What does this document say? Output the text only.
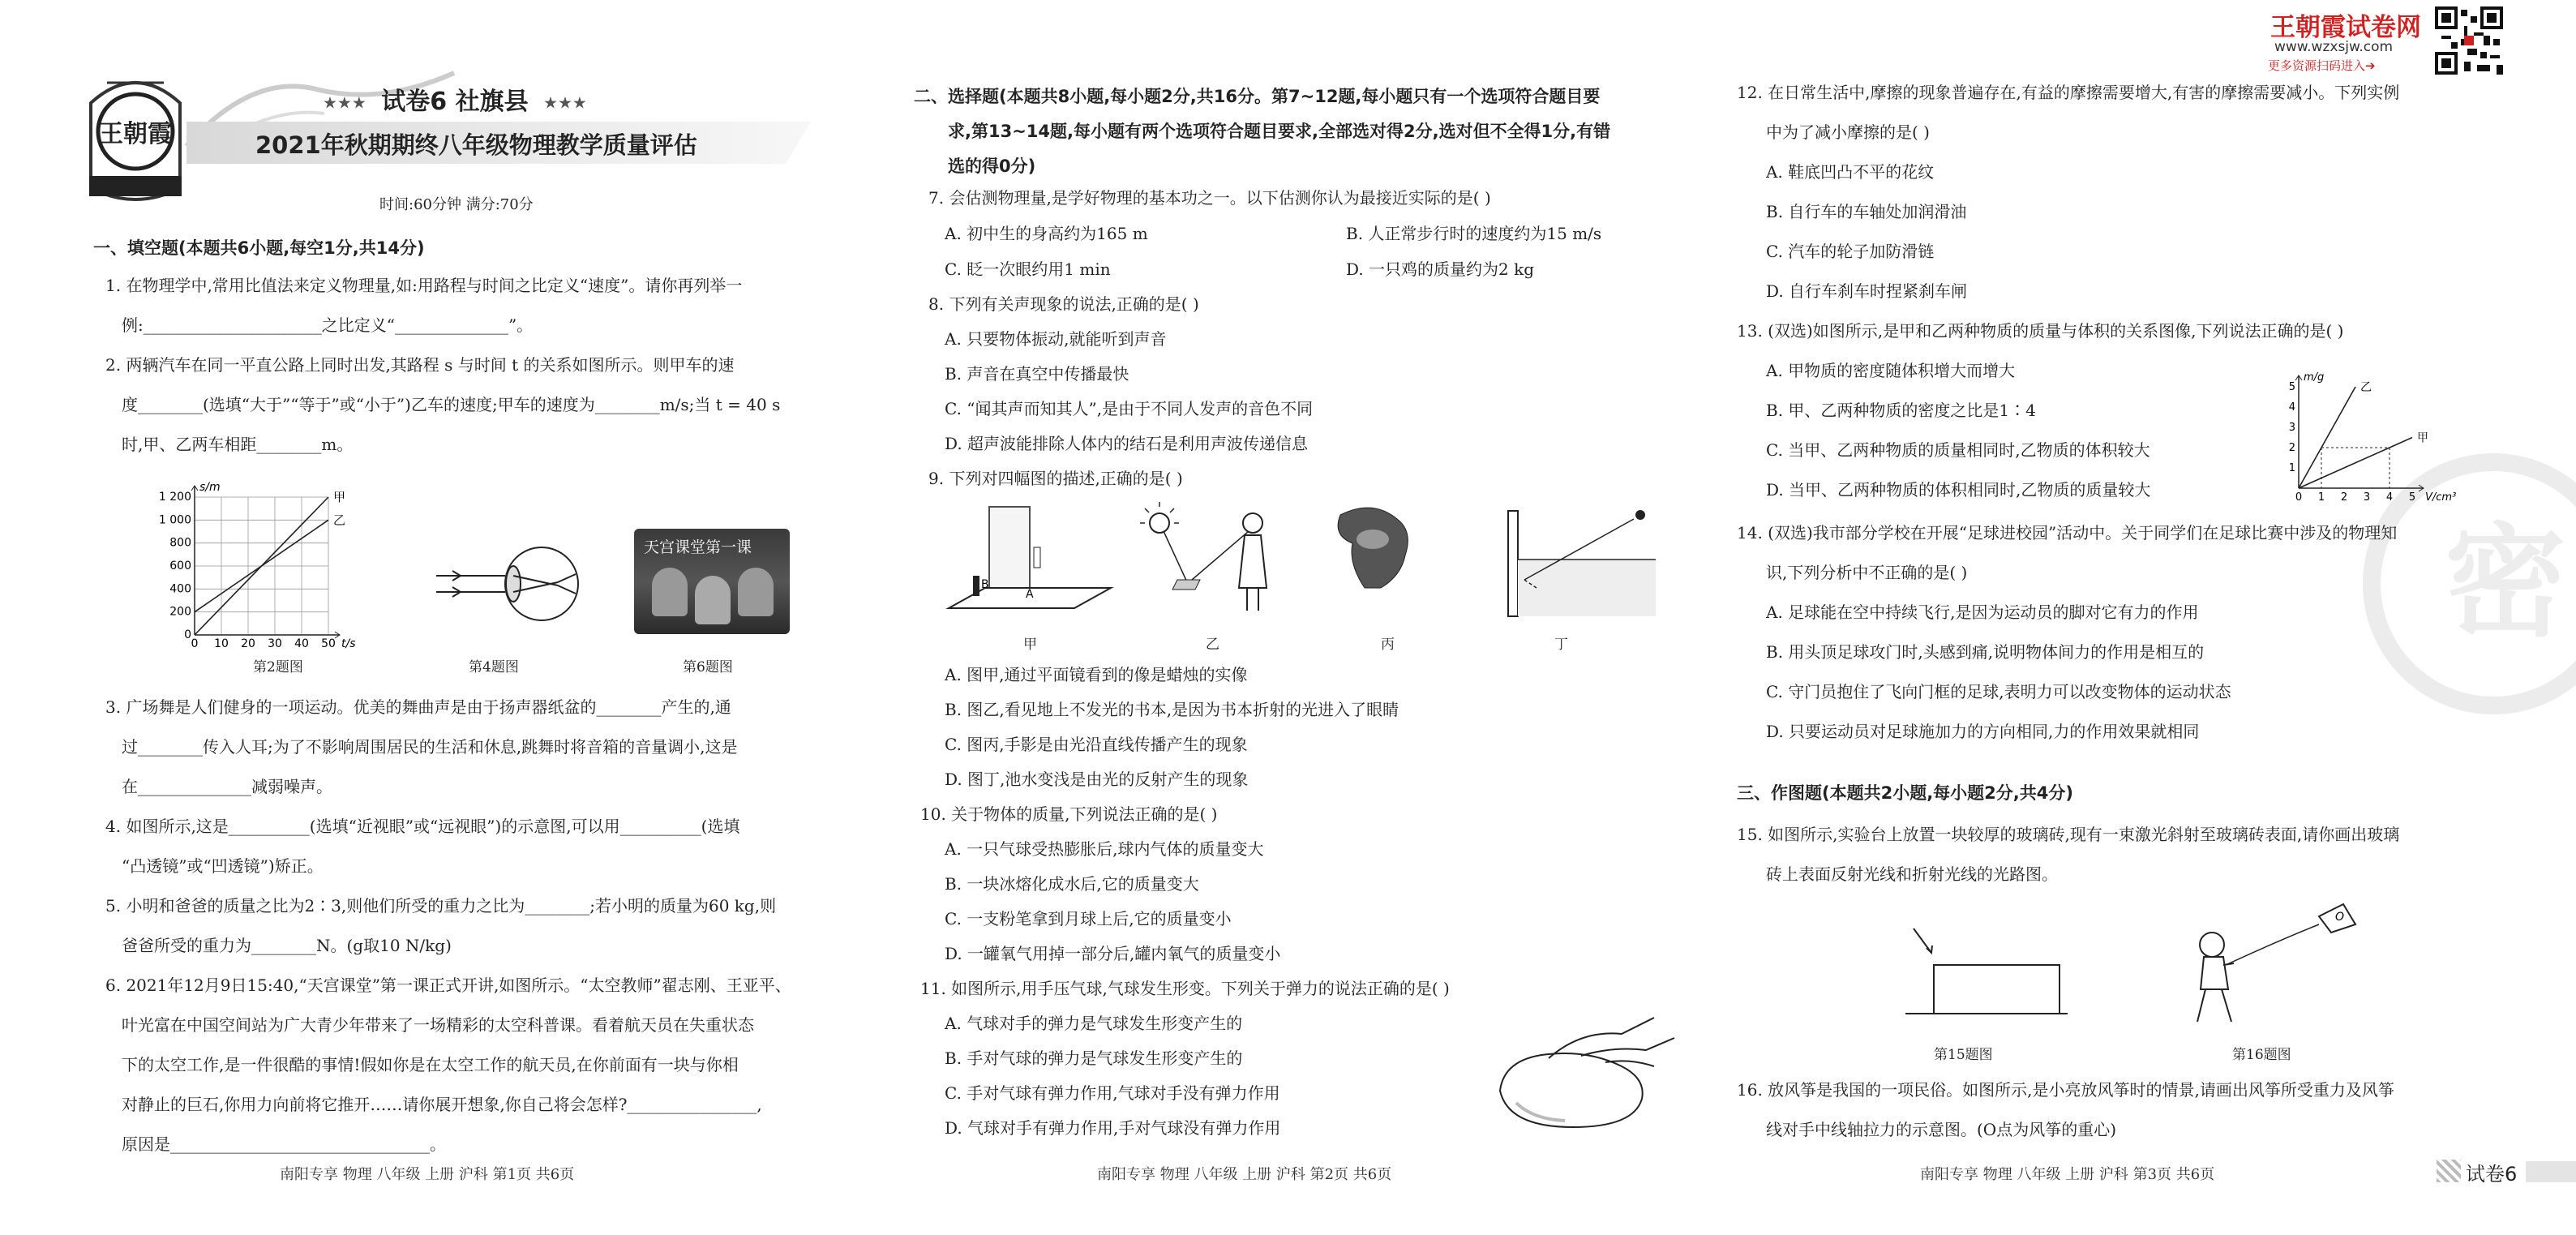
王朝霞
★★★ 试卷6 社旗县 ★★★
2021年秋期期终八年级物理教学质量评估
时间:60分钟 满分:70分
一、填空题(本题共6小题,每空1分,共14分)
1. 在物理学中,常用比值法来定义物理量,如:用路程与时间之比定义“速度”。请你再列举一
例:______________________之比定义“______________”。
2. 两辆汽车在同一平直公路上同时出发,其路程 s 与时间 t 的关系如图所示。则甲车的速
度________(选填“大于”“等于”或“小于”)乙车的速度;甲车的速度为________m/s;当 t = 40 s
时,甲、乙两车相距________m。
0 10 20 30 40 50
0
200
400
600
800
1 000
1 200
t/s
s/m
甲
乙
第2题图	第4题图
天宫课堂第一课
第6题图
3. 广场舞是人们健身的一项运动。优美的舞曲声是由于扬声器纸盆的________产生的,通
过________传入人耳;为了不影响周围居民的生活和休息,跳舞时将音箱的音量调小,这是
在______________减弱噪声。
4. 如图所示,这是__________(选填“近视眼”或“远视眼”)的示意图,可以用__________(选填
“凸透镜”或“凹透镜”)矫正。
5. 小明和爸爸的质量之比为2∶3,则他们所受的重力之比为________;若小明的质量为60 kg,则
爸爸所受的重力为________N。(g取10 N/kg)
6. 2021年12月9日15:40,“天宫课堂”第一课正式开讲,如图所示。“太空教师”翟志刚、王亚平、
叶光富在中国空间站为广大青少年带来了一场精彩的太空科普课。看着航天员在失重状态
下的太空工作,是一件很酷的事情!假如你是在太空工作的航天员,在你前面有一块与你相
对静止的巨石,你用力向前将它推开……请你展开想象,你自己将会怎样?________________,
原因是________________________________。
南阳专享 物理 八年级 上册 沪科 第1页 共6页
二、选择题(本题共8小题,每小题2分,共16分。第7~12题,每小题只有一个选项符合题目要
求,第13~14题,每小题有两个选项符合题目要求,全部选对得2分,选对但不全得1分,有错
选的得0分)
7. 会估测物理量,是学好物理的基本功之一。以下估测你认为最接近实际的是( )
A. 初中生的身高约为165 m	B. 人正常步行时的速度约为15 m/s
C. 眨一次眼约用1 min	D. 一只鸡的质量约为2 kg
8. 下列有关声现象的说法,正确的是( )
A. 只要物体振动,就能听到声音
B. 声音在真空中传播最快
C. “闻其声而知其人”,是由于不同人发声的音色不同
D. 超声波能排除人体内的结石是利用声波传递信息
9. 下列对四幅图的描述,正确的是( )
B
A
甲	乙	丙	丁
A. 图甲,通过平面镜看到的像是蜡烛的实像
B. 图乙,看见地上不发光的书本,是因为书本折射的光进入了眼睛
C. 图丙,手影是由光沿直线传播产生的现象
D. 图丁,池水变浅是由光的反射产生的现象
10. 关于物体的质量,下列说法正确的是( )
A. 一只气球受热膨胀后,球内气体的质量变大
B. 一块冰熔化成水后,它的质量变大
C. 一支粉笔拿到月球上后,它的质量变小
D. 一罐氧气用掉一部分后,罐内氧气的质量变小
11. 如图所示,用手压气球,气球发生形变。下列关于弹力的说法正确的是( )
A. 气球对手的弹力是气球发生形变产生的
B. 手对气球的弹力是气球发生形变产生的
C. 手对气球有弹力作用,气球对手没有弹力作用
D. 气球对手有弹力作用,手对气球没有弹力作用
南阳专享 物理 八年级 上册 沪科 第2页 共6页
王朝霞试卷网
www.wzxsjw.com
更多资源扫码进入➔
密
12. 在日常生活中,摩擦的现象普遍存在,有益的摩擦需要增大,有害的摩擦需要减小。下列实例
中为了减小摩擦的是( )
A. 鞋底凹凸不平的花纹
B. 自行车的车轴处加润滑油
C. 汽车的轮子加防滑链
D. 自行车刹车时捏紧刹车闸
13. (双选)如图所示,是甲和乙两种物质的质量与体积的关系图像,下列说法正确的是( )
A. 甲物质的密度随体积增大而增大
B. 甲、乙两种物质的密度之比是1∶4
C. 当甲、乙两种物质的质量相同时,乙物质的体积较大
D. 当甲、乙两种物质的体积相同时,乙物质的质量较大	0 1 2 3 4 5
1
2
3
4
5
V/cm³
m/g
乙
甲
14. (双选)我市部分学校在开展“足球进校园”活动中。关于同学们在足球比赛中涉及的物理知
识,下列分析中不正确的是( )
A. 足球能在空中持续飞行,是因为运动员的脚对它有力的作用
B. 用头顶足球攻门时,头感到痛,说明物体间力的作用是相互的
C. 守门员抱住了飞向门框的足球,表明力可以改变物体的运动状态
D. 只要运动员对足球施加力的方向相同,力的作用效果就相同
三、作图题(本题共2小题,每小题2分,共4分)
15. 如图所示,实验台上放置一块较厚的玻璃砖,现有一束激光斜射至玻璃砖表面,请你画出玻璃
砖上表面反射光线和折射光线的光路图。
第15题图
O
第16题图
16. 放风筝是我国的一项民俗。如图所示,是小亮放风筝时的情景,请画出风筝所受重力及风筝
线对手中线轴拉力的示意图。(O点为风筝的重心)
南阳专享 物理 八年级 上册 沪科 第3页 共6页	试卷6
